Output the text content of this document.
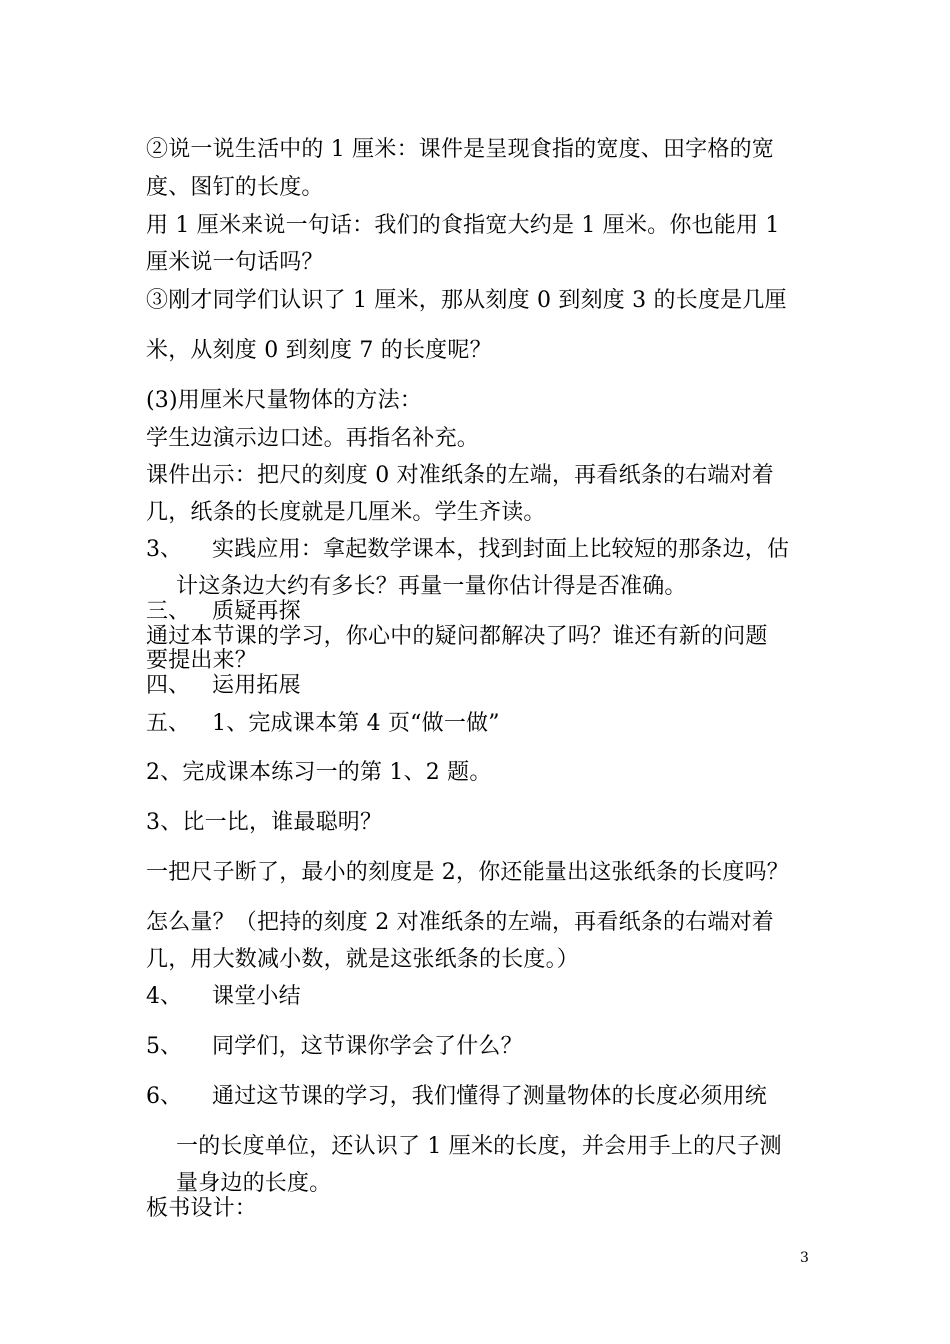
②说一说生活中的 1 厘米：课件是呈现食指的宽度、田字格的宽
度、图钉的长度。
用 1 厘米来说一句话：我们的食指宽大约是 1 厘米。你也能用 1
厘米说一句话吗？
③刚才同学们认识了 1 厘米，那从刻度 0 到刻度 3 的长度是几厘
米，从刻度 0 到刻度 7 的长度呢？
(3)用厘米尺量物体的方法：
学生边演示边口述。再指名补充。
课件出示：把尺的刻度 0 对准纸条的左端，再看纸条的右端对着
几，纸条的长度就是几厘米。学生齐读。
3、 实践应用：拿起数学课本，找到封面上比较短的那条边，估
计这条边大约有多长？再量一量你估计得是否准确。
三、 质疑再探
通过本节课的学习，你心中的疑问都解决了吗？谁还有新的问题
要提出来？
四、 运用拓展
五、 1、完成课本第 4 页“做一做”
2、完成课本练习一的第 1、2 题。
3、比一比，谁最聪明？
一把尺子断了，最小的刻度是 2，你还能量出这张纸条的长度吗？
怎么量？（把持的刻度 2 对准纸条的左端，再看纸条的右端对着
几，用大数减小数，就是这张纸条的长度。）
4、 课堂小结
5、 同学们，这节课你学会了什么？
6、 通过这节课的学习，我们懂得了测量物体的长度必须用统
一的长度单位，还认识了 1 厘米的长度，并会用手上的尺子测
量身边的长度。
板书设计：
3
